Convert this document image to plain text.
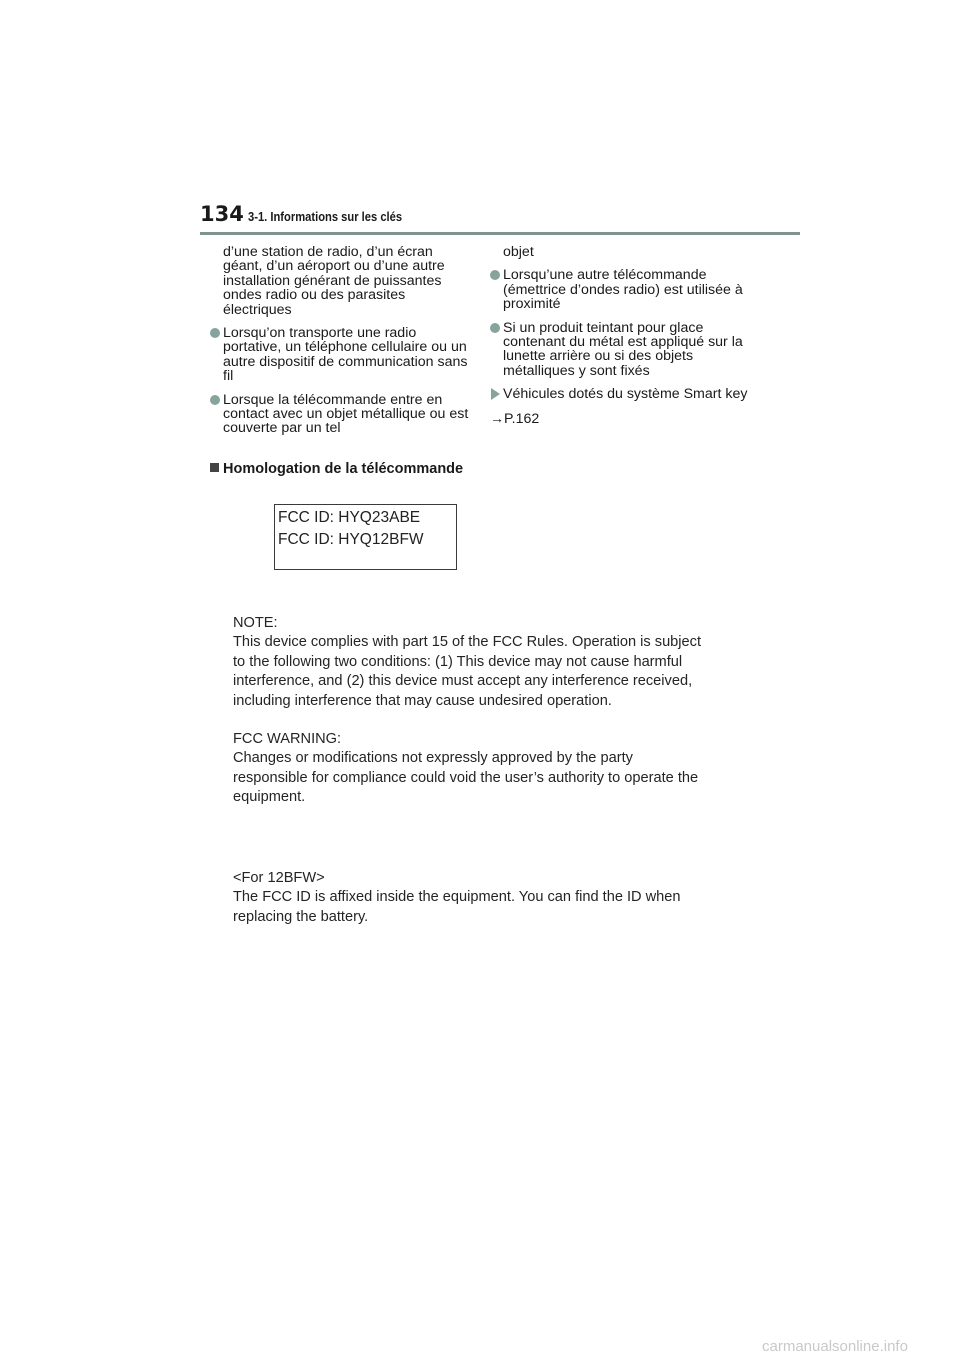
134 3-1. Informations sur les clés

d’une station de radio, d’un écran géant, d’un aéroport ou d’une autre installation générant de puissantes ondes radio ou des parasites électriques

Lorsqu’on transporte une radio portative, un téléphone cellulaire ou un autre dispositif de communication sans fil

Lorsque la télécommande entre en contact avec un objet métallique ou est couverte par un tel

objet

Lorsqu’une autre télécommande (émettrice d’ondes radio) est utilisée à proximité

Si un produit teintant pour glace contenant du métal est appliqué sur la lunette arrière ou si des objets métalliques y sont fixés

Véhicules dotés du système Smart key

→P.162

Homologation de la télécommande
FCC ID: HYQ23ABE
FCC ID: HYQ12BFW

NOTE:

This device complies with part 15 of the FCC Rules. Operation is subject

to the following two conditions: (1) This device may not cause harmful

interference, and (2) this device must accept any interference received,

including interference that may cause undesired operation.

FCC WARNING:

Changes or modifications not expressly approved by the party

responsible for compliance could void the user’s authority to operate the

equipment.

<For 12BFW>

The FCC ID is affixed inside the equipment. You can find the ID when

replacing the battery.

carmanualsonline.info
